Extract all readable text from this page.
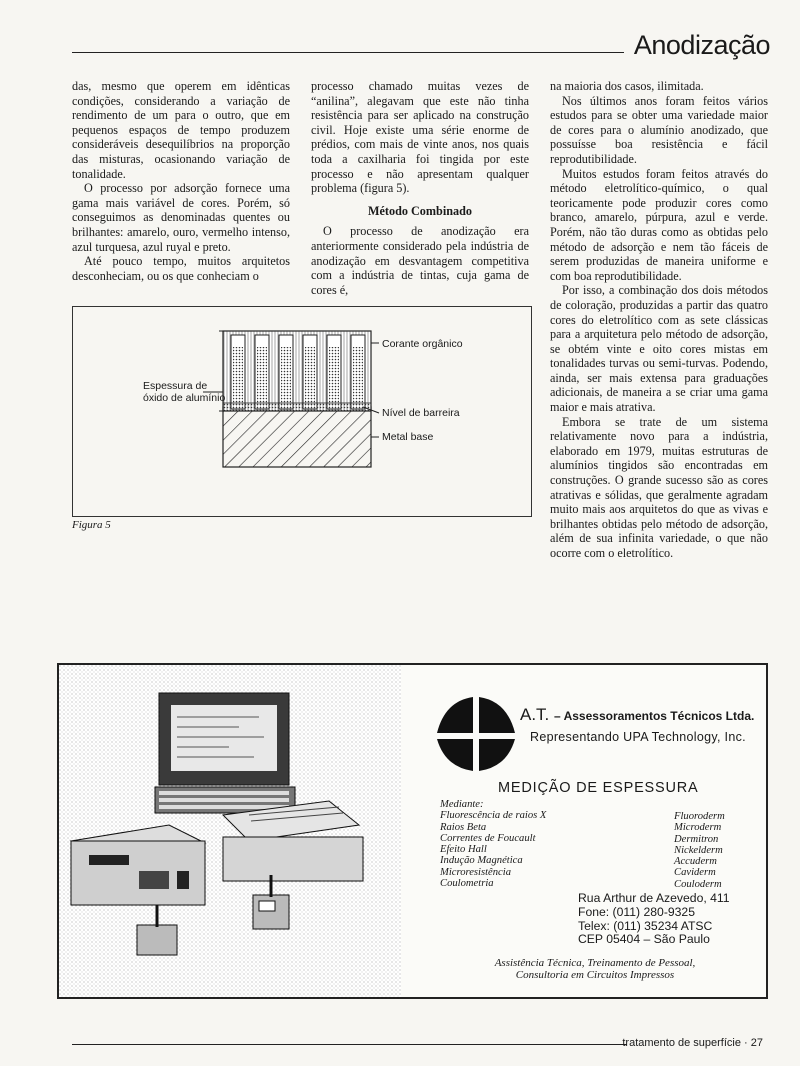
Anodização

das, mesmo que operem em idênticas condições, considerando a variação de rendimento de um para o outro, que em pequenos espaços de tempo produzem consideráveis desequilíbrios na proporção das misturas, ocasionando variação de tonalidade.

O processo por adsorção fornece uma gama mais variável de cores. Porém, só conseguimos as denominadas quentes ou brilhantes: amarelo, ouro, vermelho intenso, azul turquesa, azul ruyal e preto.

Até pouco tempo, muitos arquitetos desconheciam, ou os que conheciam o

processo chamado muitas vezes de “anilina”, alegavam que este não tinha resistência para ser aplicado na construção civil. Hoje existe uma série enorme de prédios, com mais de vinte anos, nos quais toda a caxilharia foi tingida por este processo e não apresentam qualquer problema (figura 5).

Método Combinado

O processo de anodização era anteriormente considerado pela indústria de anodização em desvantagem competitiva com a indústria de tintas, cuja gama de cores é,

na maioria dos casos, ilimitada.

Nos últimos anos foram feitos vários estudos para se obter uma variedade maior de cores para o alumínio anodizado, que possuísse boa resistência e fácil reprodutibilidade.

Muitos estudos foram feitos através do método eletrolítico-químico, o qual teoricamente pode produzir cores como branco, amarelo, púrpura, azul e verde. Porém, não tão duras como as obtidas pelo método de adsorção e nem tão fáceis de serem produzidas de maneira uniforme e com boa reprodutibilidade.

Por isso, a combinação dos dois métodos de coloração, produzidas a partir das quatro cores do eletrolítico com as sete clássicas para a arquitetura pelo método de adsorção, se obtém vinte e oito cores mistas em tonalidades turvas ou semi-turvas. Podendo, ainda, ser mais extensa para graduações adicionais, de maneira a se criar uma gama maior e mais atrativa.

Embora se trate de um sistema relativamente novo para a indústria, elaborado em 1979, muitas estruturas de alumínios tingidos são encontradas em construções. O grande sucesso são as cores atrativas e sólidas, que geralmente agradam muito mais aos arquitetos do que as vivas e brilhantes obtidas pelo método de adsorção, além de sua infinita variedade, o que não ocorre com o eletrolítico.

Espessura de óxido de alumínio
Corante orgânico
Nível de barreira
Metal base
Figura 5
A.T. – Assessoramentos Técnicos Ltda.
Representando UPA Technology, Inc.
MEDIÇÃO DE ESPESSURA
Mediante:
Fluorescência de raios X
Raios Beta
Correntes de Foucault
Efeito Hall
Indução Magnética
Microresistência
Coulometria
Fluoroderm
Microderm
Dermitron
Nickelderm
Accuderm
Caviderm
Couloderm
Rua Arthur de Azevedo, 411
Fone: (011) 280-9325
Telex: (011) 35234 ATSC
CEP 05404 – São Paulo
Assistência Técnica, Treinamento de Pessoal,
Consultoria em Circuitos Impressos
tratamento de superfície · 27
